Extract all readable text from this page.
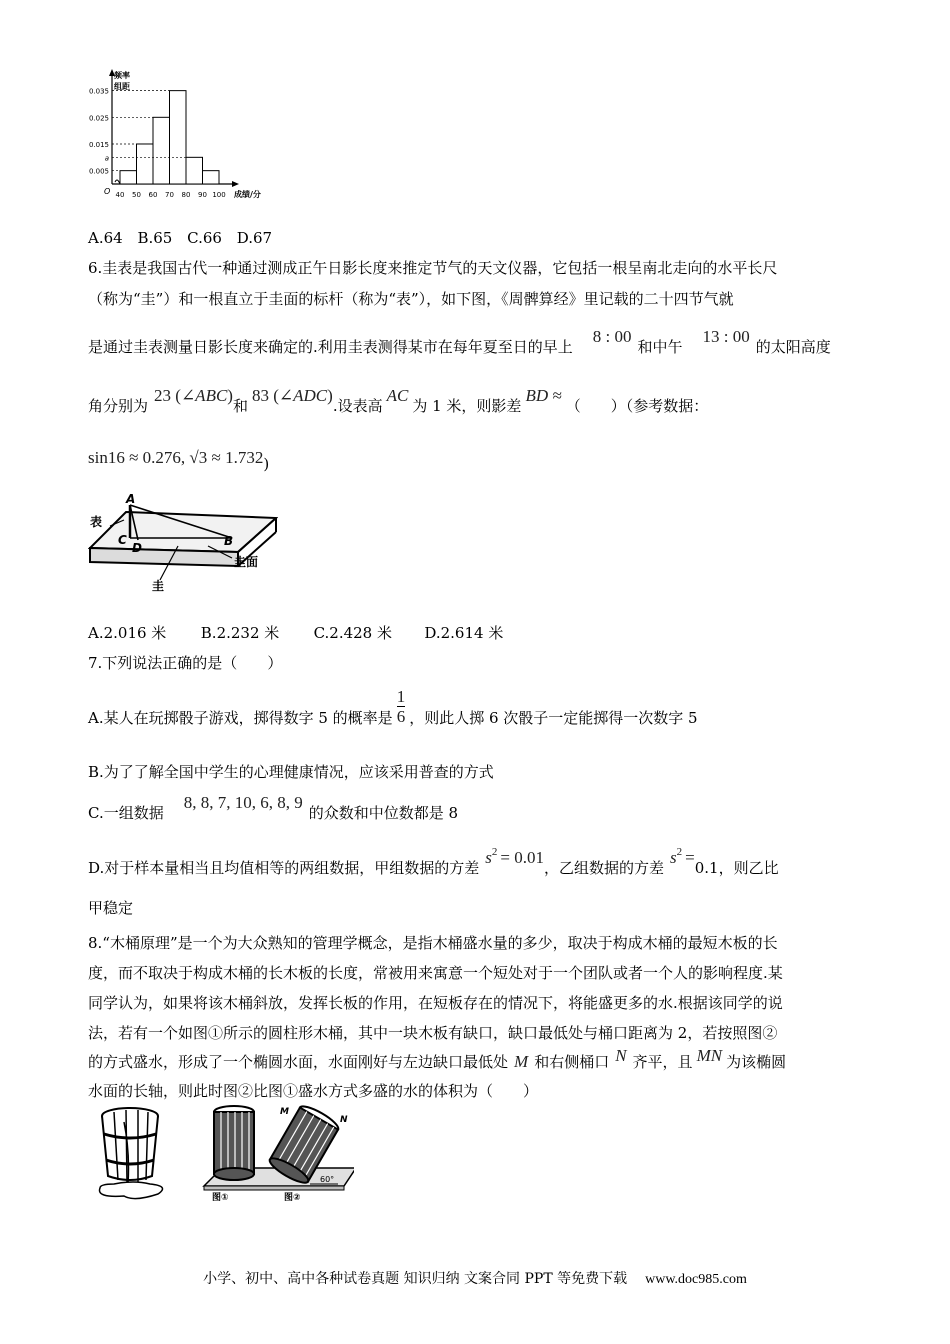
频率
组距
0.035
0.025
0.015
a
0.005
40 50 60 70 80 90 100
O	成绩/分
A.64 B.65 C.66 D.67
6.圭表是我国古代一种通过测成正午日影长度来推定节气的天文仪器，它包括一根呈南北走向的水平长尺
（称为“圭”）和一根直立于圭面的标杆（称为“表”），如下图，《周髀算经》里记载的二十四节气就
是通过圭表测量日影长度来确定的.利用圭表测得某市在每年夏至日的早上8 : 00和中午13 : 00的太阳高度
角分别为23 (∠ABC)和83 (∠ADC).设表高AC为 1 米，则影差BD ≈（　　）（参考数据：
sin16 ≈ 0.276, √3 ≈ 1.732)
A
B
C
D
表
圭面
圭
A.2.016 米 B.2.232 米 C.2.428 米 D.2.614 米
7.下列说法正确的是（　　）
A.某人在玩掷骰子游戏，掷得数字 5 的概率是 $\frac{1}{6}$ ，则此人掷 6 次骰子一定能掷得一次数字 5
B.为了了解全国中学生的心理健康情况，应该采用普查的方式
C.一组数据8, 8, 7, 10, 6, 8, 9的众数和中位数都是 8
D.对于样本量相当且均值相等的两组数据，甲组数据的方差$s^2 = 0.01$，乙组数据的方差$s^2 =0.1$，则乙比
甲稳定
8.“木桶原理”是一个为大众熟知的管理学概念，是指木桶盛水量的多少，取决于构成木桶的最短木板的长
度，而不取决于构成木桶的长木板的长度，常被用来寓意一个短处对于一个团队或者一个人的影响程度.某
同学认为，如果将该木桶斜放，发挥长板的作用，在短板存在的情况下，将能盛更多的水.根据该同学的说
法，若有一个如图①所示的圆柱形木桶，其中一块木板有缺口，缺口最低处与桶口距离为 2，若按照图②
的方式盛水，形成了一个椭圆水面，水面刚好与左边缺口最低处 M 和右侧桶口 N 齐平，且 MN 为该椭圆
水面的长轴，则此时图②比图①盛水方式多盛的水的体积为（　　）
M
N
60°
图①	图②
小学、初中、高中各种试卷真题 知识归纳 文案合同 PPT 等免费下载 www.doc985.com
